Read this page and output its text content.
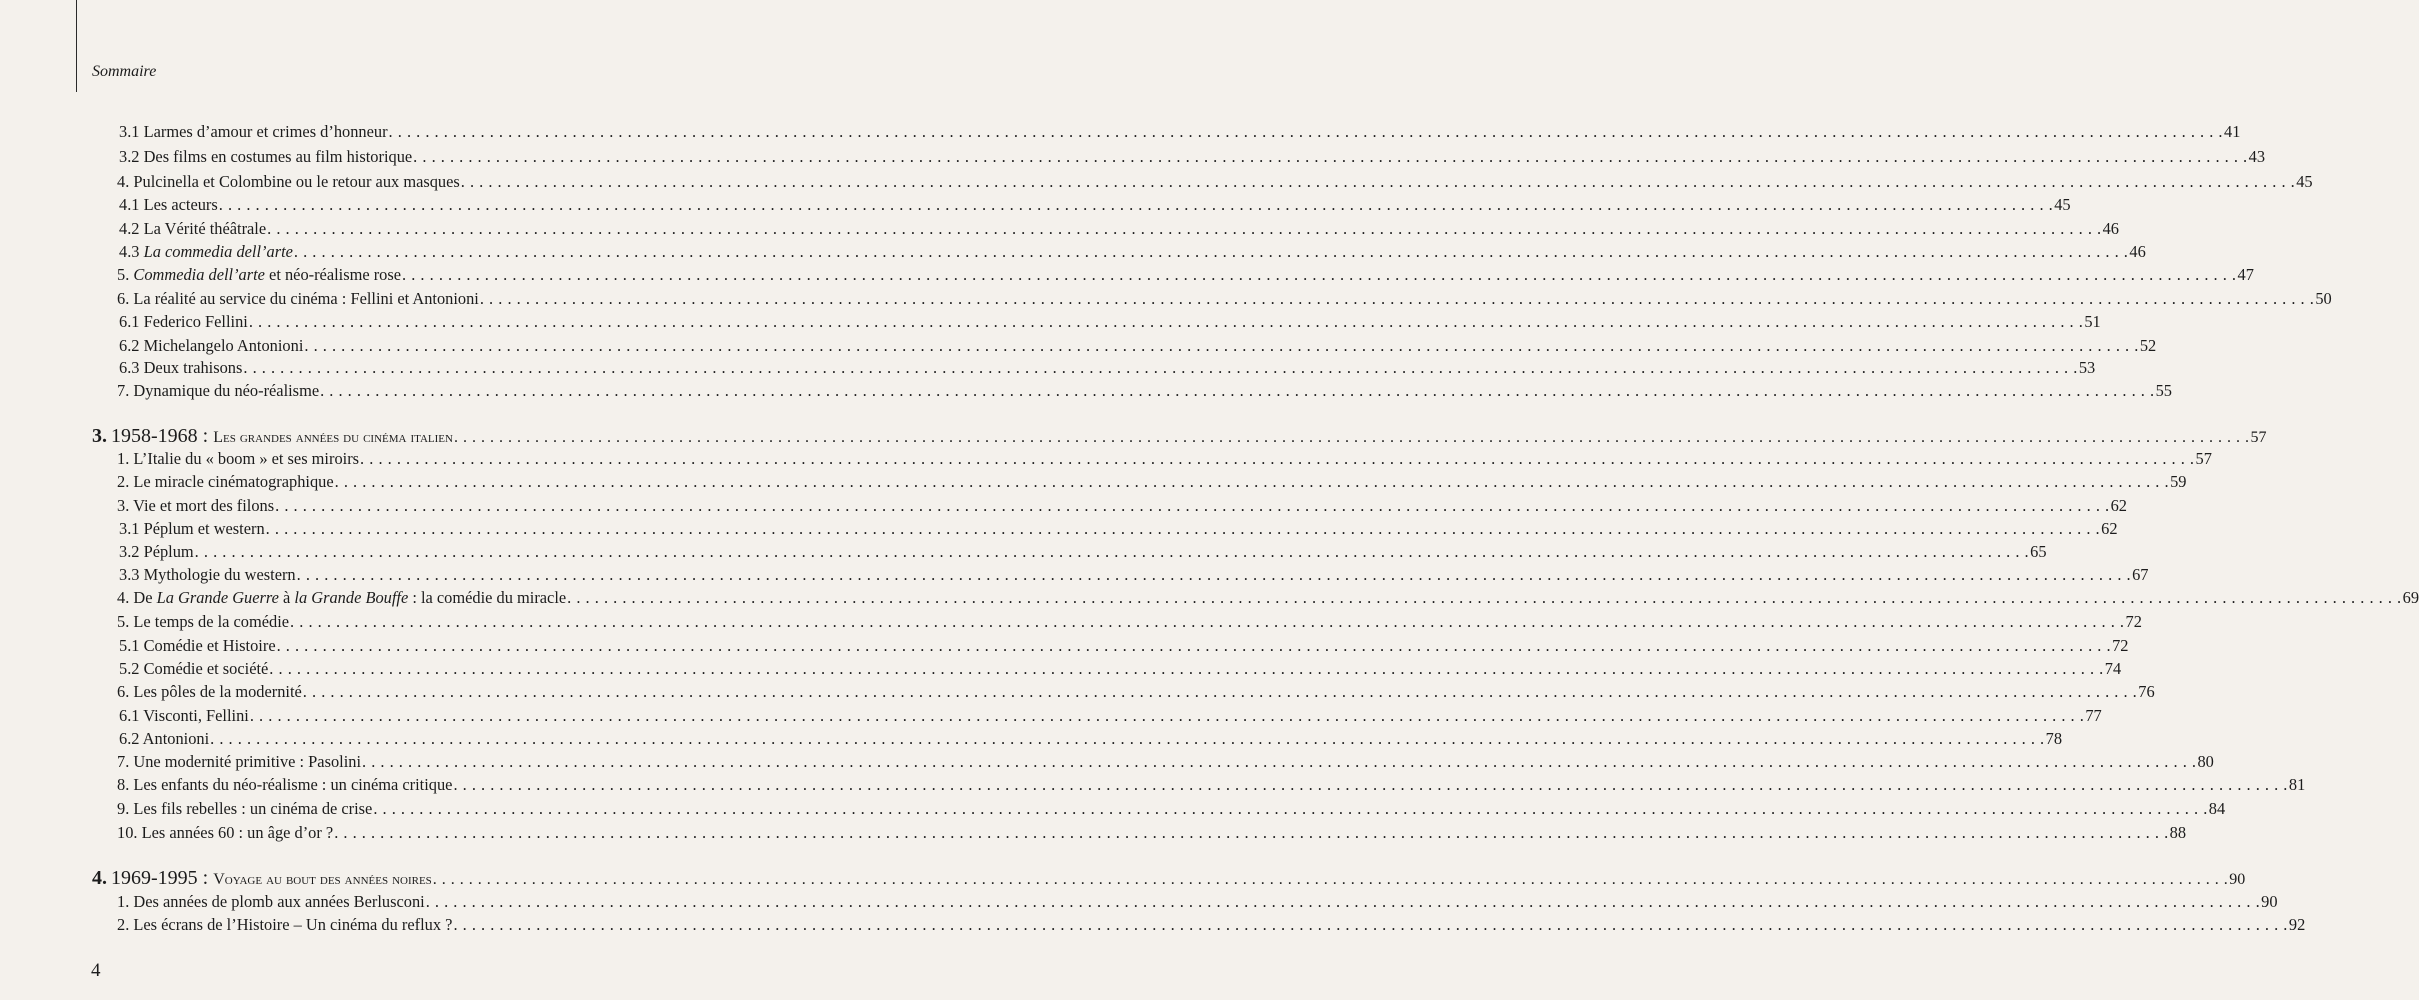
Sommaire
3.1 Larmes d’amour et crimes d’honneur . . . . . . . . . . . . . . . . . . . . . . . . . . . . . . . . . . . . . . . . . . . . . . . . . . . . . . . . . . . . . . . . . . . . . . . . . . . . . . . . . . . . . . . . . . . . . . . . . . . . . . . . . . . . . . . . . . . . . . . . . . . . . . . . . . . . . . . . . . . . . . . . . . . . . . . . . . . . . . . . . . . . . . . . . . . . . . . . . . . . . . . . . . . . . . . . . . . . . . . . 41
3.2 Des films en costumes au film historique . . . . . . . . . . . . . . . . . . . . . . . . . . . . . . . . . . . . . . . . . . . . . . . . . . . . . . . . . . . . . . . . . . . . . . . . . . . . . . . . . . . . . . . . . . . . . . . . . . . . . . . . . . . . . . . . . . . . . . . . . . . . . . . . . . . . . . . . . . . . . . . . . . . . . . . . . . . . . . . . . . . . . . . . . . . . . . . . . . . . . . . . . . . . . . . . . . . . . . . . 43
4. Pulcinella et Colombine ou le retour aux masques . . . . . . . . . . . . . . . . . . . . . . . . . . . . . . . . . . . . . . . . . . . . . . . . . . . . . . . . . . . . . . . . . . . . . . . . . . . . . . . . . . . . . . . . . . . . . . . . . . . . . . . . . . . . . . . . . . . . . . . . . . . . . . . . . . . . . . . . . . . . . . . . . . . . . . . . . . . . . . . . . . . . . . . . . . . . . . . . . . . . . . . . . . . . . . . . . . . . . . . . 45
4.1 Les acteurs . . . . . . . . . . . . . . . . . . . . . . . . . . . . . . . . . . . . . . . . . . . . . . . . . . . . . . . . . . . . . . . . . . . . . . . . . . . . . . . . . . . . . . . . . . . . . . . . . . . . . . . . . . . . . . . . . . . . . . . . . . . . . . . . . . . . . . . . . . . . . . . . . . . . . . . . . . . . . . . . . . . . . . . . . . . . . . . . . . . . . . . . . . . . . . . . . . . . . . . . 45
4.2 La Vérité théâtrale . . . . . . . . . . . . . . . . . . . . . . . . . . . . . . . . . . . . . . . . . . . . . . . . . . . . . . . . . . . . . . . . . . . . . . . . . . . . . . . . . . . . . . . . . . . . . . . . . . . . . . . . . . . . . . . . . . . . . . . . . . . . . . . . . . . . . . . . . . . . . . . . . . . . . . . . . . . . . . . . . . . . . . . . . . . . . . . . . . . . . . . . . . . . . . . . . . . . . . . . 46
4.3 La commedia dell’arte . . . . . . . . . . . . . . . . . . . . . . . . . . . . . . . . . . . . . . . . . . . . . . . . . . . . . . . . . . . . . . . . . . . . . . . . . . . . . . . . . . . . . . . . . . . . . . . . . . . . . . . . . . . . . . . . . . . . . . . . . . . . . . . . . . . . . . . . . . . . . . . . . . . . . . . . . . . . . . . . . . . . . . . . . . . . . . . . . . . . . . . . . . . . . . . . . . . . . . . . 46
5. Commedia dell’arte et néo-réalisme rose . . . . . . . . . . . . . . . . . . . . . . . . . . . . . . . . . . . . . . . . . . . . . . . . . . . . . . . . . . . . . . . . . . . . . . . . . . . . . . . . . . . . . . . . . . . . . . . . . . . . . . . . . . . . . . . . . . . . . . . . . . . . . . . . . . . . . . . . . . . . . . . . . . . . . . . . . . . . . . . . . . . . . . . . . . . . . . . . . . . . . . . . . . . . . . . . . . . . . . . . 47
6. La réalité au service du cinéma : Fellini et Antonioni . . . . . . . . . . . . . . . . . . . . . . . . . . . . . . . . . . . . . . . . . . . . . . . . . . . . . . . . . . . . . . . . . . . . . . . . . . . . . . . . . . . . . . . . . . . . . . . . . . . . . . . . . . . . . . . . . . . . . . . . . . . . . . . . . . . . . . . . . . . . . . . . . . . . . . . . . . . . . . . . . . . . . . . . . . . . . . . . . . . . . . . . . . . . . . . . . . . . . . . . 50
6.1 Federico Fellini . . . . . . . . . . . . . . . . . . . . . . . . . . . . . . . . . . . . . . . . . . . . . . . . . . . . . . . . . . . . . . . . . . . . . . . . . . . . . . . . . . . . . . . . . . . . . . . . . . . . . . . . . . . . . . . . . . . . . . . . . . . . . . . . . . . . . . . . . . . . . . . . . . . . . . . . . . . . . . . . . . . . . . . . . . . . . . . . . . . . . . . . . . . . . . . . . . . . . . . . 51
6.2 Michelangelo Antonioni . . . . . . . . . . . . . . . . . . . . . . . . . . . . . . . . . . . . . . . . . . . . . . . . . . . . . . . . . . . . . . . . . . . . . . . . . . . . . . . . . . . . . . . . . . . . . . . . . . . . . . . . . . . . . . . . . . . . . . . . . . . . . . . . . . . . . . . . . . . . . . . . . . . . . . . . . . . . . . . . . . . . . . . . . . . . . . . . . . . . . . . . . . . . . . . . . . . . . . . . 52
6.3 Deux trahisons . . . . . . . . . . . . . . . . . . . . . . . . . . . . . . . . . . . . . . . . . . . . . . . . . . . . . . . . . . . . . . . . . . . . . . . . . . . . . . . . . . . . . . . . . . . . . . . . . . . . . . . . . . . . . . . . . . . . . . . . . . . . . . . . . . . . . . . . . . . . . . . . . . . . . . . . . . . . . . . . . . . . . . . . . . . . . . . . . . . . . . . . . . . . . . . . . . . . . . . . 53
7. Dynamique du néo-réalisme . . . . . . . . . . . . . . . . . . . . . . . . . . . . . . . . . . . . . . . . . . . . . . . . . . . . . . . . . . . . . . . . . . . . . . . . . . . . . . . . . . . . . . . . . . . . . . . . . . . . . . . . . . . . . . . . . . . . . . . . . . . . . . . . . . . . . . . . . . . . . . . . . . . . . . . . . . . . . . . . . . . . . . . . . . . . . . . . . . . . . . . . . . . . . . . . . . . . . . . . 55
3. 1958-1968 : Les grandes années du cinéma italien . . . . . . . . . . . . . . . . . . . . . . . . . . . . . . . . . . . . . . . . . . . . . . . . . . . . . . . . . . . . . . . . . . . . . . . . . . . . . . . . . . . . . . . . . . . . . . . . . . . . . . . . . . . . . . . . . . . . . . . . . . . . . . . . . . . . . . . . . . . . . . . . . . . . . . . . . . . . . . . . . . . . . . . . . . . . . . . . . . . . . . . . . . . . . . . . . . . . . . . . 57
1. L’Italie du « boom » et ses miroirs . . . . . . . . . . . . . . . . . . . . . . . . . . . . . . . . . . . . . . . . . . . . . . . . . . . . . . . . . . . . . . . . . . . . . . . . . . . . . . . . . . . . . . . . . . . . . . . . . . . . . . . . . . . . . . . . . . . . . . . . . . . . . . . . . . . . . . . . . . . . . . . . . . . . . . . . . . . . . . . . . . . . . . . . . . . . . . . . . . . . . . . . . . . . . . . . . . . . . . . . 57
2. Le miracle cinématographique . . . . . . . . . . . . . . . . . . . . . . . . . . . . . . . . . . . . . . . . . . . . . . . . . . . . . . . . . . . . . . . . . . . . . . . . . . . . . . . . . . . . . . . . . . . . . . . . . . . . . . . . . . . . . . . . . . . . . . . . . . . . . . . . . . . . . . . . . . . . . . . . . . . . . . . . . . . . . . . . . . . . . . . . . . . . . . . . . . . . . . . . . . . . . . . . . . . . . . . . 59
3. Vie et mort des filons . . . . . . . . . . . . . . . . . . . . . . . . . . . . . . . . . . . . . . . . . . . . . . . . . . . . . . . . . . . . . . . . . . . . . . . . . . . . . . . . . . . . . . . . . . . . . . . . . . . . . . . . . . . . . . . . . . . . . . . . . . . . . . . . . . . . . . . . . . . . . . . . . . . . . . . . . . . . . . . . . . . . . . . . . . . . . . . . . . . . . . . . . . . . . . . . . . . . . . . . 62
3.1 Péplum et western . . . . . . . . . . . . . . . . . . . . . . . . . . . . . . . . . . . . . . . . . . . . . . . . . . . . . . . . . . . . . . . . . . . . . . . . . . . . . . . . . . . . . . . . . . . . . . . . . . . . . . . . . . . . . . . . . . . . . . . . . . . . . . . . . . . . . . . . . . . . . . . . . . . . . . . . . . . . . . . . . . . . . . . . . . . . . . . . . . . . . . . . . . . . . . . . . . . . . . . . 62
3.2 Péplum . . . . . . . . . . . . . . . . . . . . . . . . . . . . . . . . . . . . . . . . . . . . . . . . . . . . . . . . . . . . . . . . . . . . . . . . . . . . . . . . . . . . . . . . . . . . . . . . . . . . . . . . . . . . . . . . . . . . . . . . . . . . . . . . . . . . . . . . . . . . . . . . . . . . . . . . . . . . . . . . . . . . . . . . . . . . . . . . . . . . . . . . . . . . . . . . . . . . . . . . 65
3.3 Mythologie du western . . . . . . . . . . . . . . . . . . . . . . . . . . . . . . . . . . . . . . . . . . . . . . . . . . . . . . . . . . . . . . . . . . . . . . . . . . . . . . . . . . . . . . . . . . . . . . . . . . . . . . . . . . . . . . . . . . . . . . . . . . . . . . . . . . . . . . . . . . . . . . . . . . . . . . . . . . . . . . . . . . . . . . . . . . . . . . . . . . . . . . . . . . . . . . . . . . . . . . . . 67
4. De La Grande Guerre à la Grande Bouffe : la comédie du miracle . . . . . . . . . . . . . . . . . . . . . . . . . . . . . . . . . . . . . . . . . . . . . . . . . . . . . . . . . . . . . . . . . . . . . . . . . . . . . . . . . . . . . . . . . . . . . . . . . . . . . . . . . . . . . . . . . . . . . . . . . . . . . . . . . . . . . . . . . . . . . . . . . . . . . . . . . . . . . . . . . . . . . . . . . . . . . . . . . . . . . . . . . . . . . . . . . . . . . . . . 69
5. Le temps de la comédie . . . . . . . . . . . . . . . . . . . . . . . . . . . . . . . . . . . . . . . . . . . . . . . . . . . . . . . . . . . . . . . . . . . . . . . . . . . . . . . . . . . . . . . . . . . . . . . . . . . . . . . . . . . . . . . . . . . . . . . . . . . . . . . . . . . . . . . . . . . . . . . . . . . . . . . . . . . . . . . . . . . . . . . . . . . . . . . . . . . . . . . . . . . . . . . . . . . . . . . . 72
5.1 Comédie et Histoire . . . . . . . . . . . . . . . . . . . . . . . . . . . . . . . . . . . . . . . . . . . . . . . . . . . . . . . . . . . . . . . . . . . . . . . . . . . . . . . . . . . . . . . . . . . . . . . . . . . . . . . . . . . . . . . . . . . . . . . . . . . . . . . . . . . . . . . . . . . . . . . . . . . . . . . . . . . . . . . . . . . . . . . . . . . . . . . . . . . . . . . . . . . . . . . . . . . . . . . . 72
5.2 Comédie et société . . . . . . . . . . . . . . . . . . . . . . . . . . . . . . . . . . . . . . . . . . . . . . . . . . . . . . . . . . . . . . . . . . . . . . . . . . . . . . . . . . . . . . . . . . . . . . . . . . . . . . . . . . . . . . . . . . . . . . . . . . . . . . . . . . . . . . . . . . . . . . . . . . . . . . . . . . . . . . . . . . . . . . . . . . . . . . . . . . . . . . . . . . . . . . . . . . . . . . . . 74
6. Les pôles de la modernité . . . . . . . . . . . . . . . . . . . . . . . . . . . . . . . . . . . . . . . . . . . . . . . . . . . . . . . . . . . . . . . . . . . . . . . . . . . . . . . . . . . . . . . . . . . . . . . . . . . . . . . . . . . . . . . . . . . . . . . . . . . . . . . . . . . . . . . . . . . . . . . . . . . . . . . . . . . . . . . . . . . . . . . . . . . . . . . . . . . . . . . . . . . . . . . . . . . . . . . . 76
6.1 Visconti, Fellini . . . . . . . . . . . . . . . . . . . . . . . . . . . . . . . . . . . . . . . . . . . . . . . . . . . . . . . . . . . . . . . . . . . . . . . . . . . . . . . . . . . . . . . . . . . . . . . . . . . . . . . . . . . . . . . . . . . . . . . . . . . . . . . . . . . . . . . . . . . . . . . . . . . . . . . . . . . . . . . . . . . . . . . . . . . . . . . . . . . . . . . . . . . . . . . . . . . . . . . . 77
6.2 Antonioni . . . . . . . . . . . . . . . . . . . . . . . . . . . . . . . . . . . . . . . . . . . . . . . . . . . . . . . . . . . . . . . . . . . . . . . . . . . . . . . . . . . . . . . . . . . . . . . . . . . . . . . . . . . . . . . . . . . . . . . . . . . . . . . . . . . . . . . . . . . . . . . . . . . . . . . . . . . . . . . . . . . . . . . . . . . . . . . . . . . . . . . . . . . . . . . . . . . . . . . . 78
7. Une modernité primitive : Pasolini . . . . . . . . . . . . . . . . . . . . . . . . . . . . . . . . . . . . . . . . . . . . . . . . . . . . . . . . . . . . . . . . . . . . . . . . . . . . . . . . . . . . . . . . . . . . . . . . . . . . . . . . . . . . . . . . . . . . . . . . . . . . . . . . . . . . . . . . . . . . . . . . . . . . . . . . . . . . . . . . . . . . . . . . . . . . . . . . . . . . . . . . . . . . . . . . . . . . . . . . 80
8. Les enfants du néo-réalisme : un cinéma critique . . . . . . . . . . . . . . . . . . . . . . . . . . . . . . . . . . . . . . . . . . . . . . . . . . . . . . . . . . . . . . . . . . . . . . . . . . . . . . . . . . . . . . . . . . . . . . . . . . . . . . . . . . . . . . . . . . . . . . . . . . . . . . . . . . . . . . . . . . . . . . . . . . . . . . . . . . . . . . . . . . . . . . . . . . . . . . . . . . . . . . . . . . . . . . . . . . . . . . . . 81
9. Les fils rebelles : un cinéma de crise . . . . . . . . . . . . . . . . . . . . . . . . . . . . . . . . . . . . . . . . . . . . . . . . . . . . . . . . . . . . . . . . . . . . . . . . . . . . . . . . . . . . . . . . . . . . . . . . . . . . . . . . . . . . . . . . . . . . . . . . . . . . . . . . . . . . . . . . . . . . . . . . . . . . . . . . . . . . . . . . . . . . . . . . . . . . . . . . . . . . . . . . . . . . . . . . . . . . . . . . 84
10. Les années 60 : un âge d’or ? . . . . . . . . . . . . . . . . . . . . . . . . . . . . . . . . . . . . . . . . . . . . . . . . . . . . . . . . . . . . . . . . . . . . . . . . . . . . . . . . . . . . . . . . . . . . . . . . . . . . . . . . . . . . . . . . . . . . . . . . . . . . . . . . . . . . . . . . . . . . . . . . . . . . . . . . . . . . . . . . . . . . . . . . . . . . . . . . . . . . . . . . . . . . . . . . . . . . . . . . 88
4. 1969-1995 : Voyage au bout des années noires . . . . . . . . . . . . . . . . . . . . . . . . . . . . . . . . . . . . . . . . . . . . . . . . . . . . . . . . . . . . . . . . . . . . . . . . . . . . . . . . . . . . . . . . . . . . . . . . . . . . . . . . . . . . . . . . . . . . . . . . . . . . . . . . . . . . . . . . . . . . . . . . . . . . . . . . . . . . . . . . . . . . . . . . . . . . . . . . . . . . . . . . . . . . . . . . . . . . . . . . 90
1. Des années de plomb aux années Berlusconi . . . . . . . . . . . . . . . . . . . . . . . . . . . . . . . . . . . . . . . . . . . . . . . . . . . . . . . . . . . . . . . . . . . . . . . . . . . . . . . . . . . . . . . . . . . . . . . . . . . . . . . . . . . . . . . . . . . . . . . . . . . . . . . . . . . . . . . . . . . . . . . . . . . . . . . . . . . . . . . . . . . . . . . . . . . . . . . . . . . . . . . . . . . . . . . . . . . . . . . . 90
2. Les écrans de l’Histoire – Un cinéma du reflux ? . . . . . . . . . . . . . . . . . . . . . . . . . . . . . . . . . . . . . . . . . . . . . . . . . . . . . . . . . . . . . . . . . . . . . . . . . . . . . . . . . . . . . . . . . . . . . . . . . . . . . . . . . . . . . . . . . . . . . . . . . . . . . . . . . . . . . . . . . . . . . . . . . . . . . . . . . . . . . . . . . . . . . . . . . . . . . . . . . . . . . . . . . . . . . . . . . . . . . . . . 92
4
